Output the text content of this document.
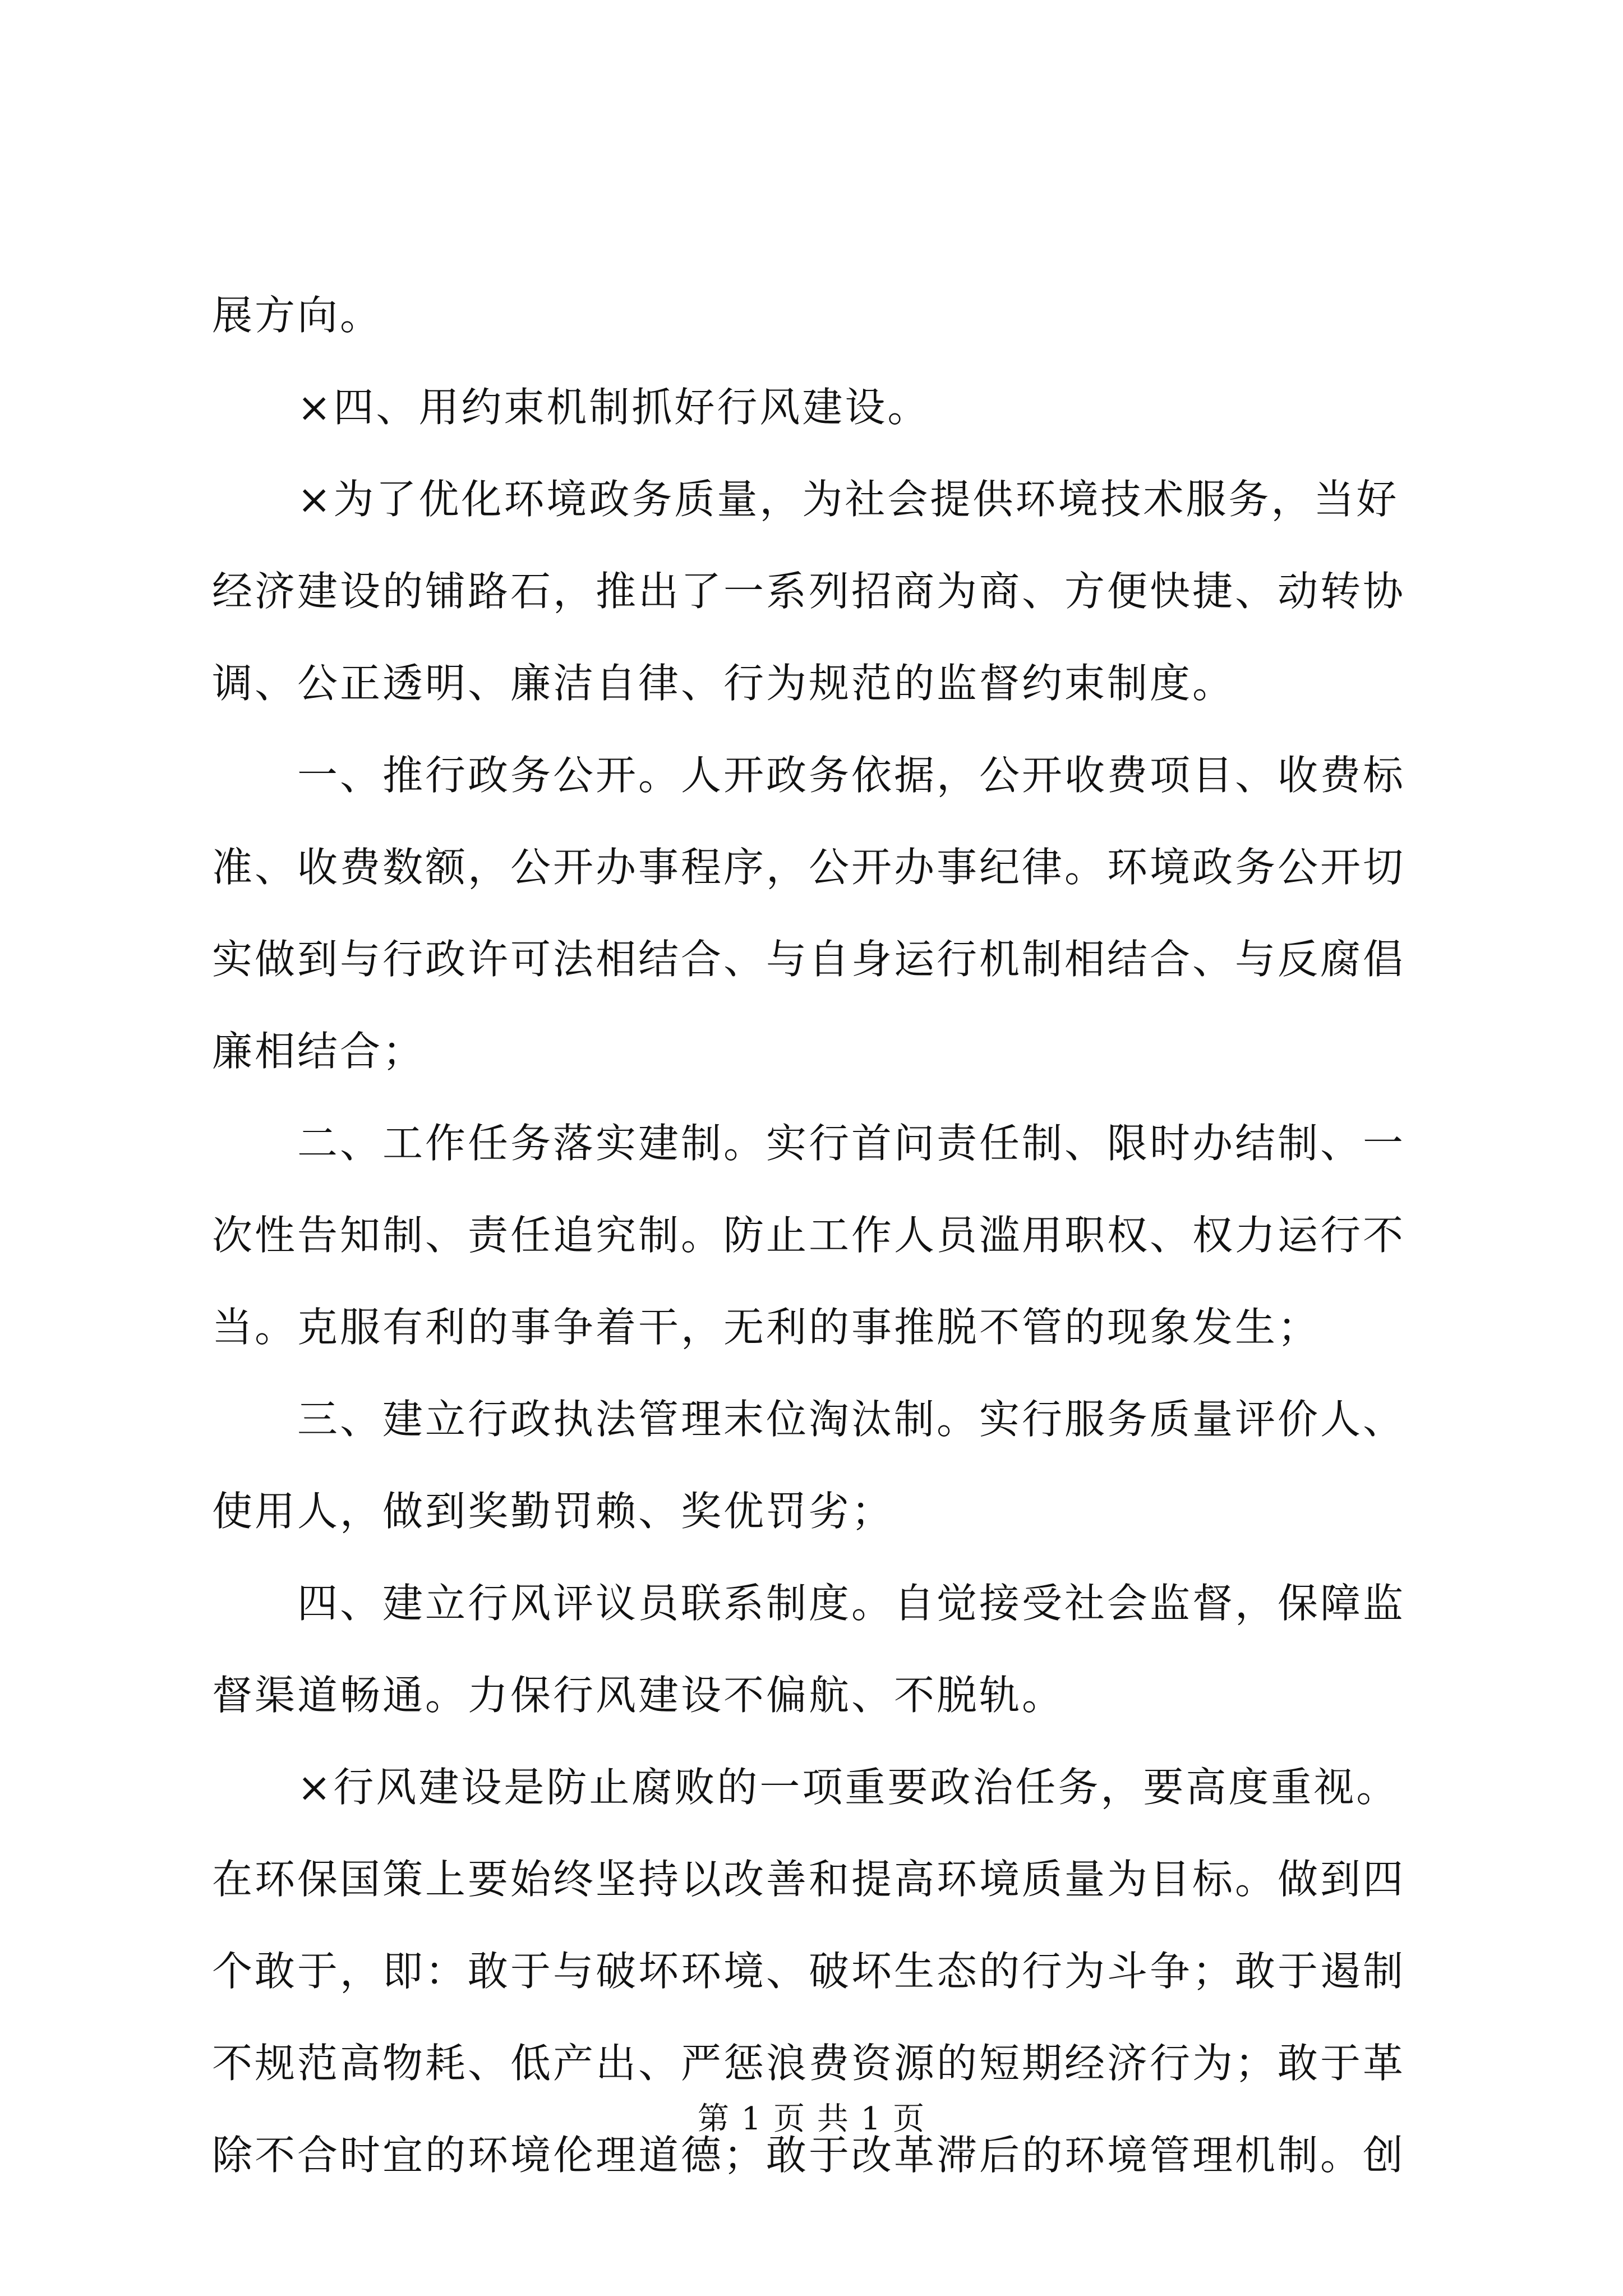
展方向。
×四、用约束机制抓好行风建设。
×为了优化环境政务质量，为社会提供环境技术服务，当好
经济建设的铺路石，推出了一系列招商为商、方便快捷、动转协
调、公正透明、廉洁自律、行为规范的监督约束制度。
一、推行政务公开。人开政务依据，公开收费项目、收费标
准、收费数额，公开办事程序，公开办事纪律。环境政务公开切
实做到与行政许可法相结合、与自身运行机制相结合、与反腐倡
廉相结合；
二、工作任务落实建制。实行首问责任制、限时办结制、一
次性告知制、责任追究制。防止工作人员滥用职权、权力运行不
当。克服有利的事争着干，无利的事推脱不管的现象发生；
三、建立行政执法管理末位淘汰制。实行服务质量评价人、
使用人，做到奖勤罚赖、奖优罚劣；
四、建立行风评议员联系制度。自觉接受社会监督，保障监
督渠道畅通。力保行风建设不偏航、不脱轨。
×行风建设是防止腐败的一项重要政治任务，要高度重视。
在环保国策上要始终坚持以改善和提高环境质量为目标。做到四
个敢于，即：敢于与破坏环境、破坏生态的行为斗争；敢于遏制
不规范高物耗、低产出、严惩浪费资源的短期经济行为；敢于革
除不合时宜的环境伦理道德；敢于改革滞后的环境管理机制。创
第 1 页 共 1 页
